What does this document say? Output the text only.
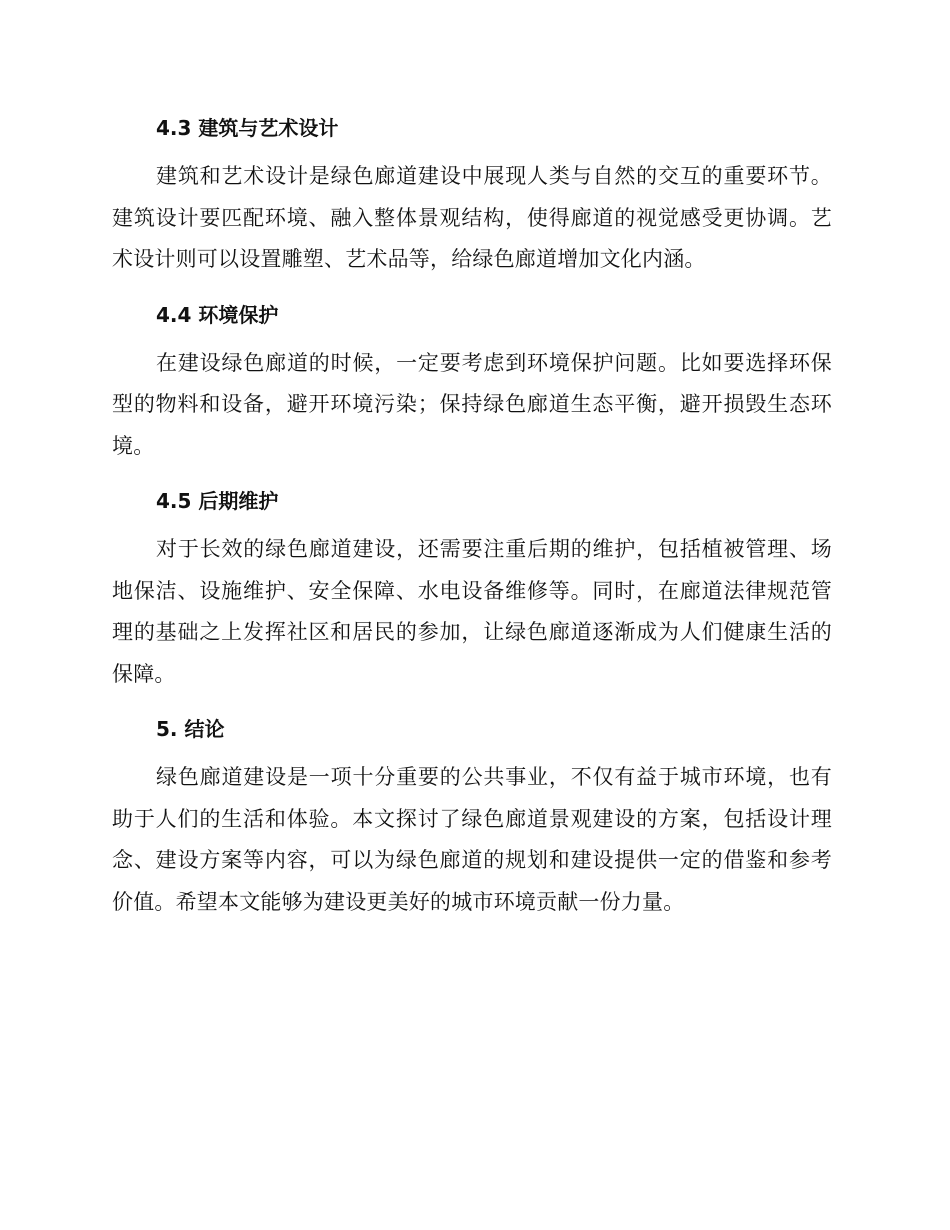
4.3 建筑与艺术设计

建筑和艺术设计是绿色廊道建设中展现人类与自然的交互的重要环节。建筑设计要匹配环境、融入整体景观结构，使得廊道的视觉感受更协调。艺术设计则可以设置雕塑、艺术品等，给绿色廊道增加文化内涵。

4.4 环境保护

在建设绿色廊道的时候，一定要考虑到环境保护问题。比如要选择环保型的物料和设备，避开环境污染；保持绿色廊道生态平衡，避开损毁生态环境。

4.5 后期维护

对于长效的绿色廊道建设，还需要注重后期的维护，包括植被管理、场地保洁、设施维护、安全保障、水电设备维修等。同时，在廊道法律规范管理的基础之上发挥社区和居民的参加，让绿色廊道逐渐成为人们健康生活的保障。

5. 结论

绿色廊道建设是一项十分重要的公共事业，不仅有益于城市环境，也有助于人们的生活和体验。本文探讨了绿色廊道景观建设的方案，包括设计理念、建设方案等内容，可以为绿色廊道的规划和建设提供一定的借鉴和参考价值。希望本文能够为建设更美好的城市环境贡献一份力量。
